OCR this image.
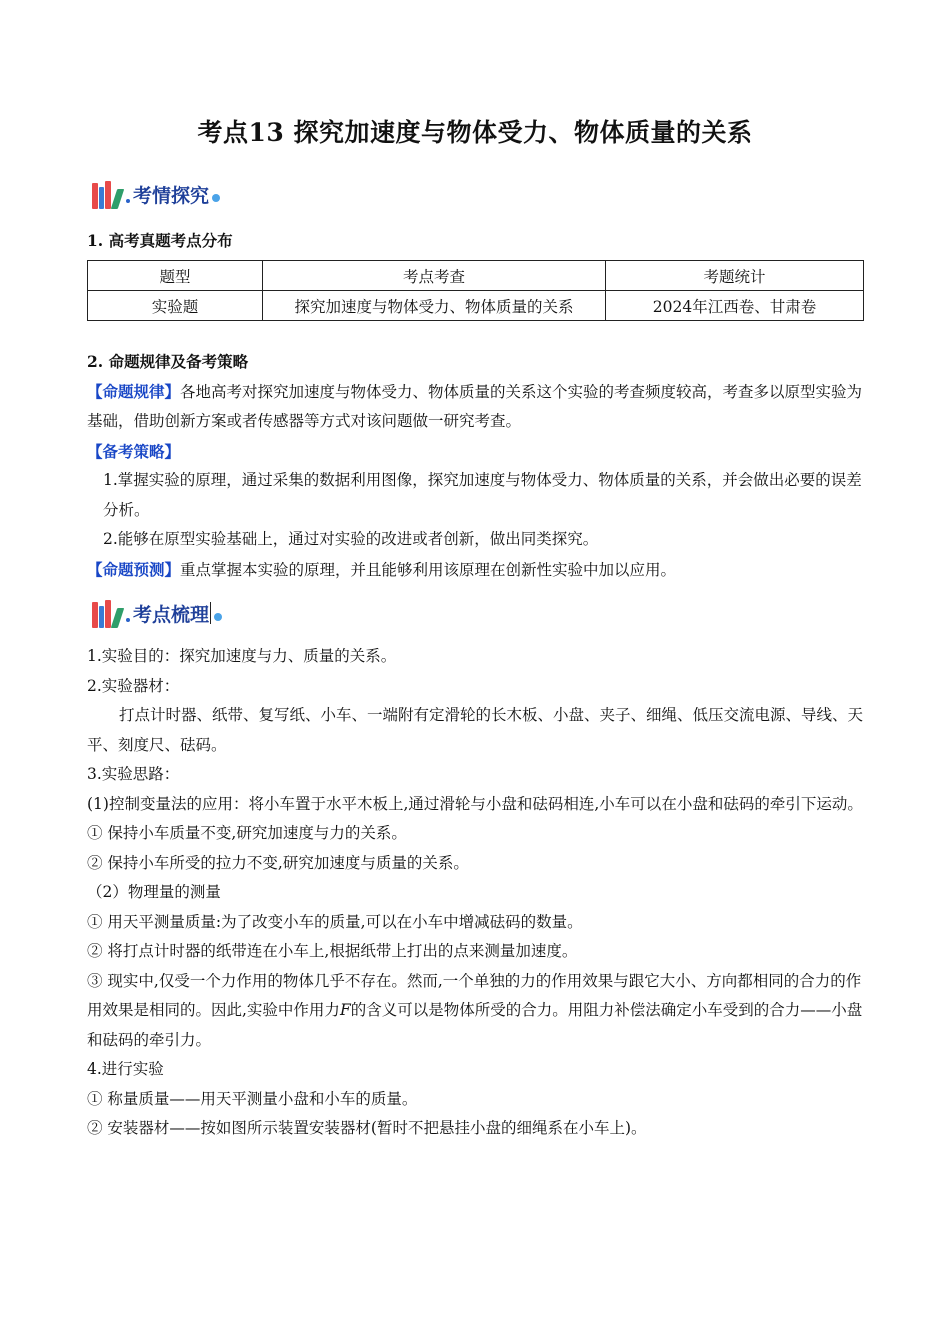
考点13 探究加速度与物体受力、物体质量的关系
考情探究
1. 高考真题考点分布
题型	考点考查	考题统计
实验题	探究加速度与物体受力、物体质量的关系	2024年江西卷、甘肃卷
2. 命题规律及备考策略
【命题规律】各地高考对探究加速度与物体受力、物体质量的关系这个实验的考查频度较高，考查多以原型实验为基础，借助创新方案或者传感器等方式对该问题做一研究考查。
【备考策略】
1.掌握实验的原理，通过采集的数据利用图像，探究加速度与物体受力、物体质量的关系，并会做出必要的误差分析。
2.能够在原型实验基础上，通过对实验的改进或者创新，做出同类探究。
【命题预测】重点掌握本实验的原理，并且能够利用该原理在创新性实验中加以应用。
考点梳理
1.实验目的：探究加速度与力、质量的关系。
2.实验器材：
打点计时器、纸带、复写纸、小车、一端附有定滑轮的长木板、小盘、夹子、细绳、低压交流电源、导线、天平、刻度尺、砝码。
3.实验思路：
(1)控制变量法的应用：将小车置于水平木板上,通过滑轮与小盘和砝码相连,小车可以在小盘和砝码的牵引下运动。
① 保持小车质量不变,研究加速度与力的关系。
② 保持小车所受的拉力不变,研究加速度与质量的关系。
（2）物理量的测量
① 用天平测量质量:为了改变小车的质量,可以在小车中增减砝码的数量。
② 将打点计时器的纸带连在小车上,根据纸带上打出的点来测量加速度。
③ 现实中,仅受一个力作用的物体几乎不存在。然而,一个单独的力的作用效果与跟它大小、方向都相同的合力的作用效果是相同的。因此,实验中作用力F的含义可以是物体所受的合力。用阻力补偿法确定小车受到的合力——小盘和砝码的牵引力。
4.进行实验
① 称量质量——用天平测量小盘和小车的质量。
② 安装器材——按如图所示装置安装器材(暂时不把悬挂小盘的细绳系在小车上)。
